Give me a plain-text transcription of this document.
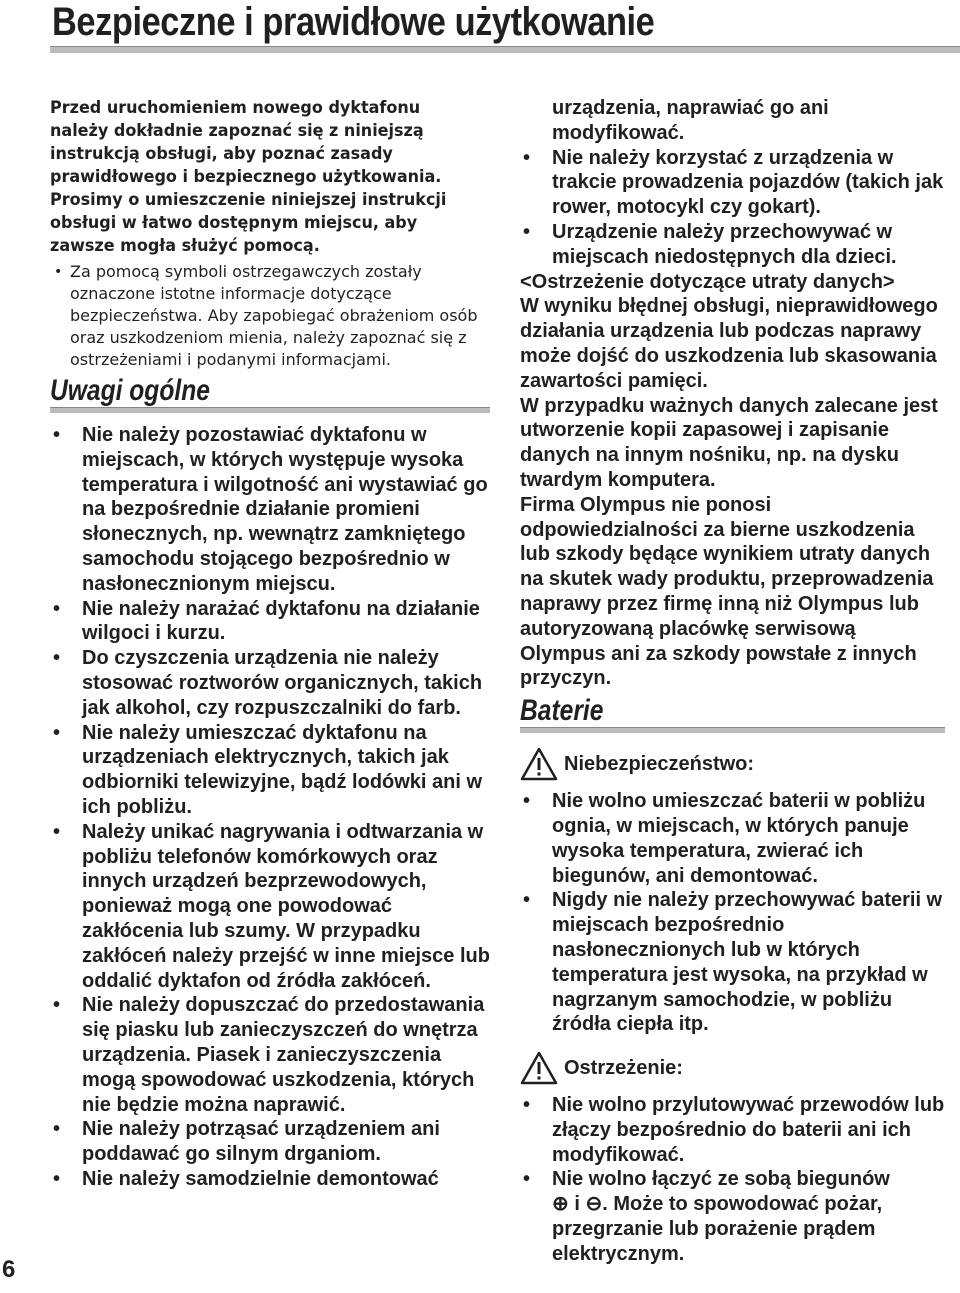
Bezpieczne i prawidłowe użytkowanie
6

Przed uruchomieniem nowego dyktafonu należy dokładnie zapoznać się z niniejszą instrukcją obsługi, aby poznać zasady prawidłowego i bezpiecznego użytkowania. Prosimy o umieszczenie niniejszej instrukcji obsługi w łatwo dostępnym miejscu, aby zawsze mogła służyć pomocą.

• Za pomocą symboli ostrzegawczych zostały oznaczone istotne informacje dotyczące bezpieczeństwa. Aby zapobiegać obrażeniom osób oraz uszkodzeniom mienia, należy zapoznać się z ostrzeżeniami i podanymi informacjami.
Uwagi ogólne
• Nie należy pozostawiać dyktafonu w miejscach, w których występuje wysoka temperatura i wilgotność ani wystawiać go na bezpośrednie działanie promieni słonecznych, np. wewnątrz zamkniętego samochodu stojącego bezpośrednio w nasłonecznionym miejscu.
• Nie należy narażać dyktafonu na działanie wilgoci i kurzu.
• Do czyszczenia urządzenia nie należy stosować roztworów organicznych, takich jak alkohol, czy rozpuszczalniki do farb.
• Nie należy umieszczać dyktafonu na urządzeniach elektrycznych, takich jak odbiorniki telewizyjne, bądź lodówki ani w ich pobliżu.
• Należy unikać nagrywania i odtwarzania w pobliżu telefonów komórkowych oraz innych urządzeń bezprzewodowych, ponieważ mogą one powodować zakłócenia lub szumy. W przypadku zakłóceń należy przejść w inne miejsce lub oddalić dyktafon od źródła zakłóceń.
• Nie należy dopuszczać do przedostawania się piasku lub zanieczyszczeń do wnętrza urządzenia. Piasek i zanieczyszczenia mogą spowodować uszkodzenia, których nie będzie można naprawić.
• Nie należy potrząsać urządzeniem ani poddawać go silnym drganiom.
• Nie należy samodzielnie demontować

urządzenia, naprawiać go ani modyfikować.

• Nie należy korzystać z urządzenia w trakcie prowadzenia pojazdów (takich jak rower, motocykl czy gokart).
• Urządzenie należy przechowywać w miejscach niedostępnych dla dzieci.

<Ostrzeżenie dotyczące utraty danych>

W wyniku błędnej obsługi, nieprawidłowego działania urządzenia lub podczas naprawy może dojść do uszkodzenia lub skasowania zawartości pamięci.

W przypadku ważnych danych zalecane jest utworzenie kopii zapasowej i zapisanie danych na innym nośniku, np. na dysku twardym komputera.

Firma Olympus nie ponosi odpowiedzialności za bierne uszkodzenia lub szkody będące wynikiem utraty danych na skutek wady produktu, przeprowadzenia naprawy przez firmę inną niż Olympus lub autoryzowaną placówkę serwisową Olympus ani za szkody powstałe z innych przyczyn.

Baterie
Niebezpieczeństwo:
• Nie wolno umieszczać baterii w pobliżu ognia, w miejscach, w których panuje wysoka temperatura, zwierać ich biegunów, ani demontować.
• Nigdy nie należy przechowywać baterii w miejscach bezpośrednio nasłonecznionych lub w których temperatura jest wysoka, na przykład w nagrzanym samochodzie, w pobliżu źródła ciepła itp.
Ostrzeżenie:
• Nie wolno przylutowywać przewodów lub złączy bezpośrednio do baterii ani ich modyfikować.
• Nie wolno łączyć ze sobą biegunów
⊕ i ⊖. Może to spowodować pożar, przegrzanie lub porażenie prądem elektrycznym.
